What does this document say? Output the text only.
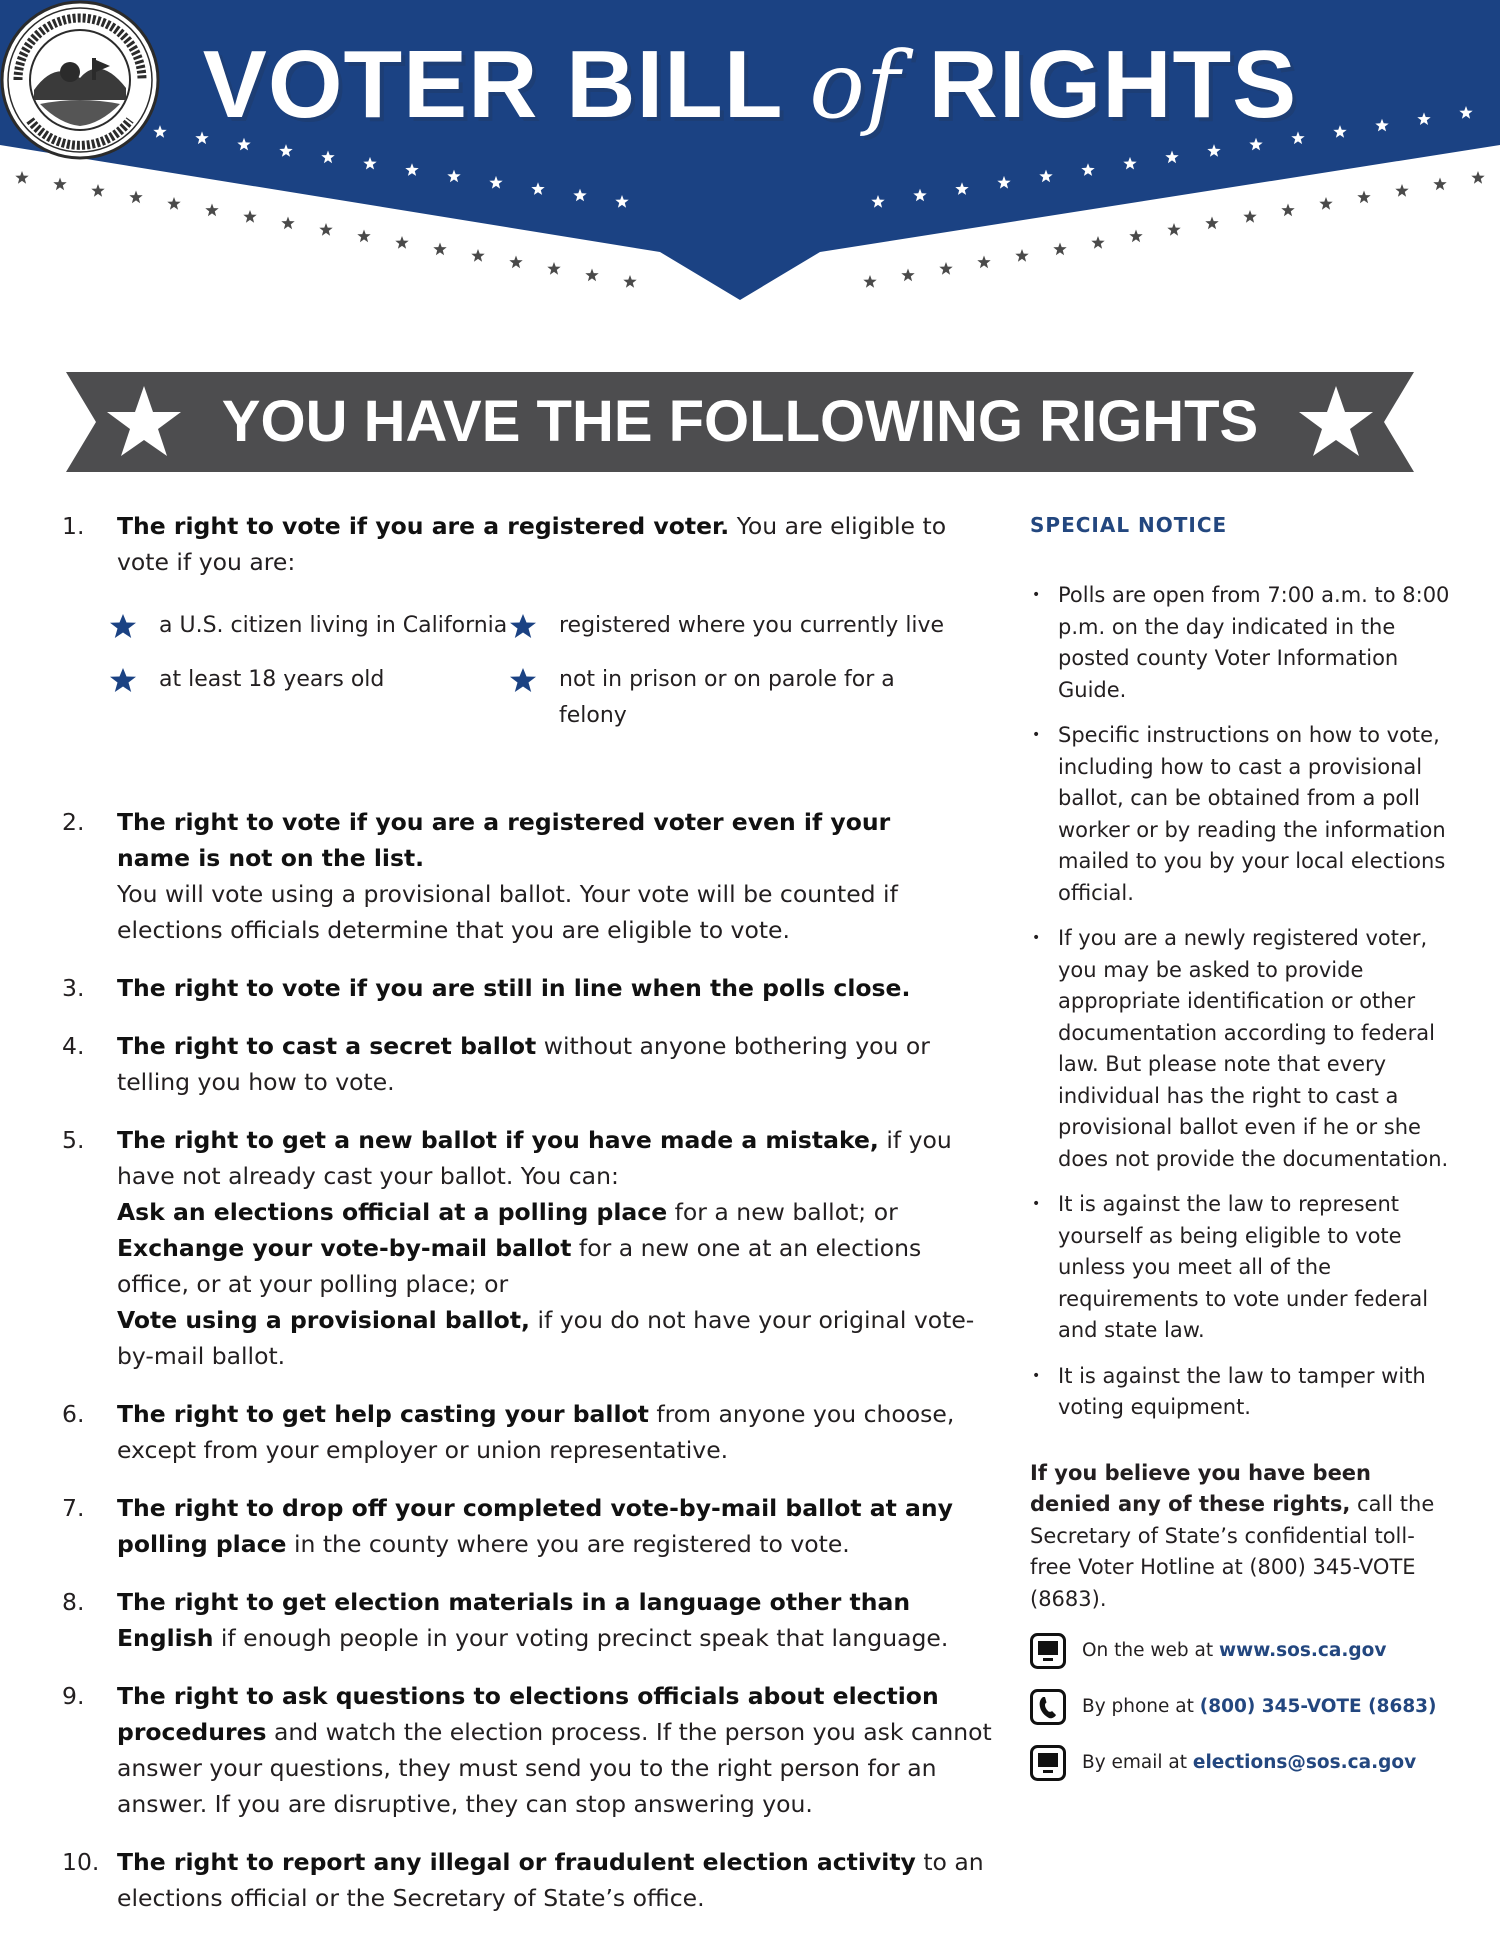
VOTER BILL of RIGHTS
YOU HAVE THE FOLLOWING RIGHTS
1. The right to vote if you are a registered voter. You are eligible to vote if you are:
a U.S. citizen living in California	registered where you currently live
at least 18 years old	not in prison or on parole for a felony
2. The right to vote if you are a registered voter even if your name is not on the list.
You will vote using a provisional ballot. Your vote will be counted if elections officials determine that you are eligible to vote.
3. The right to vote if you are still in line when the polls close.
4. The right to cast a secret ballot without anyone bothering you or telling you how to vote.
5. The right to get a new ballot if you have made a mistake, if you have not already cast your ballot. You can:
Ask an elections official at a polling place for a new ballot; or
Exchange your vote-by-mail ballot for a new one at an elections office, or at your polling place; or
Vote using a provisional ballot, if you do not have your original vote-by-mail ballot.
6. The right to get help casting your ballot from anyone you choose, except from your employer or union representative.
7. The right to drop off your completed vote-by-mail ballot at any polling place in the county where you are registered to vote.
8. The right to get election materials in a language other than English if enough people in your voting precinct speak that language.
9. The right to ask questions to elections officials about election procedures and watch the election process. If the person you ask cannot answer your questions, they must send you to the right person for an answer. If you are disruptive, they can stop answering you.
10. The right to report any illegal or fraudulent election activity to an elections official or the Secretary of State’s office.
SPECIAL NOTICE
• Polls are open from 7:00 a.m. to 8:00 p.m. on the day indicated in the posted county Voter Information Guide.
• Specific instructions on how to vote, including how to cast a provisional ballot, can be obtained from a poll worker or by reading the information mailed to you by your local elections official.
• If you are a newly registered voter, you may be asked to provide appropriate identification or other documentation according to federal law. But please note that every individual has the right to cast a provisional ballot even if he or she does not provide the documentation.
• It is against the law to represent yourself as being eligible to vote unless you meet all of the requirements to vote under federal and state law.
• It is against the law to tamper with voting equipment.
If you believe you have been denied any of these rights, call the Secretary of State’s confidential toll-free Voter Hotline at (800) 345-VOTE (8683).
On the web at www.sos.ca.gov
By phone at (800) 345-VOTE (8683)
By email at elections@sos.ca.gov
